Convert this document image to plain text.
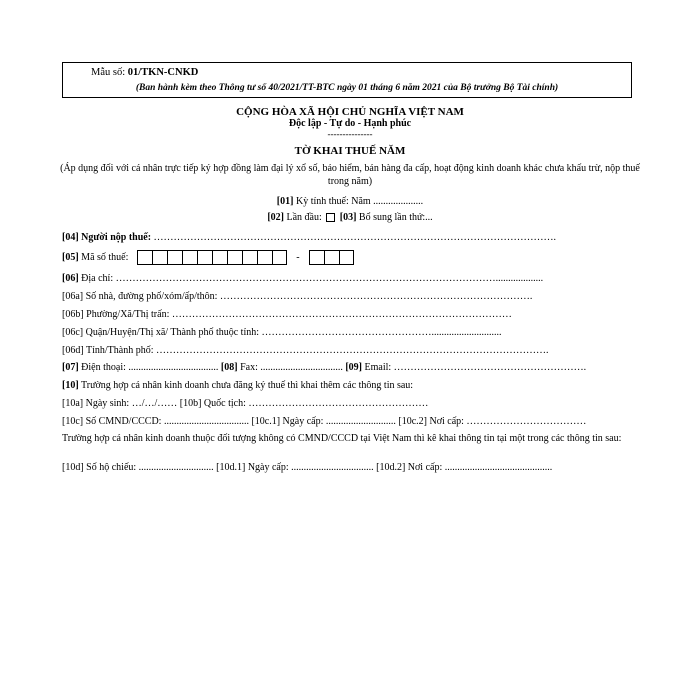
Mẫu số: 01/TKN-CNKD
(Ban hành kèm theo Thông tư số 40/2021/TT-BTC ngày 01 tháng 6 năm 2021 của Bộ trưởng Bộ Tài chính)
CỘNG HÒA XÃ HỘI CHỦ NGHĨA VIỆT NAM
Độc lập - Tự do - Hạnh phúc
---------------
TỜ KHAI THUẾ NĂM
(Áp dụng đối với cá nhân trực tiếp ký hợp đồng làm đại lý xổ số, bảo hiểm, bán hàng đa cấp, hoạt động kinh doanh khác chưa khấu trừ, nộp thuế trong năm)
[01] Kỳ tính thuế: Năm ....................
[02] Lần đầu:  [03] Bổ sung lần thứ:...
[04] Người nộp thuế: ………………………………………………………………………………………………………….
[05] Mã số thuế:	-
[06] Địa chỉ: ……………………………………………………………………………………………………...................
[06a] Số nhà, đường phố/xóm/ấp/thôn: ………………………………………………………………………………….
[06b] Phường/Xã/Thị trấn: …………………………………………………………………………………………
[06c] Quận/Huyện/Thị xã/ Thành phố thuộc tỉnh: ……………………………………………............................
[06d] Tỉnh/Thành phố: ……………………………………………………………………………………………………….
[07] Điện thoại: .................................... [08] Fax: ................................. [09] Email: ………………………………………………….
[10] Trường hợp cá nhân kinh doanh chưa đăng ký thuế thì khai thêm các thông tin sau:
[10a] Ngày sinh: …/…/…… [10b] Quốc tịch: ………………………………………………
[10c] Số CMND/CCCD: .................................. [10c.1] Ngày cấp: ............................ [10c.2] Nơi cấp: ………………………………
Trường hợp cá nhân kinh doanh thuộc đối tượng không có CMND/CCCD tại Việt Nam thì kê khai thông tin tại một trong các thông tin sau:
[10d] Số hộ chiếu: .............................. [10d.1] Ngày cấp: ................................. [10d.2] Nơi cấp: ...........................................
